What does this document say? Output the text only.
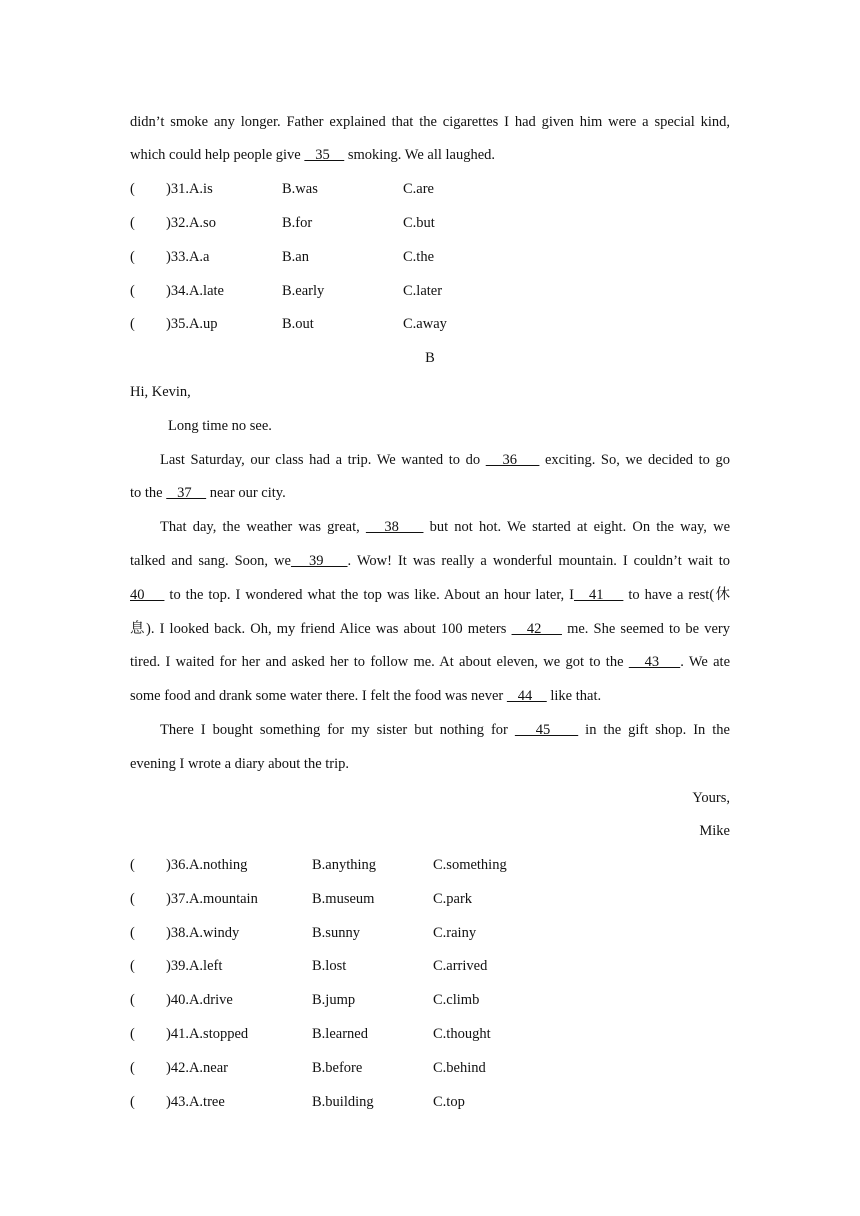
didn’t smoke any longer. Father explained that the cigarettes I had given him were a special kind,
which could help people give    35     smoking. We all laughed.
( )31.A.is	B.was	C.are
( )32.A.so	B.for	C.but
( )33.A.a	B.an	C.the
( )34.A.late	B.early	C.later
( )35.A.up	B.out	C.away
B
Hi, Kevin,
Long time no see.
Last Saturday, our class had a trip. We wanted to do    36     exciting. So, we decided to go
to the    37     near our city.
That day, the weather was great,    38     but not hot. We started at eight. On the way, we
talked and sang. Soon, we   39    . Wow! It was really a wonderful mountain. I couldn’t wait to
40     to the top. I wondered what the top was like. About an hour later, I   41     to have a rest(休
息). I looked back. Oh, my friend Alice was about 100 meters    42     me. She seemed to be very
tired. I waited for her and asked her to follow me. At about eleven, we got to the    43    . We ate
some food and drank some water there. I felt the food was never    44     like that.
There I bought something for my sister but nothing for    45     in the gift shop. In the
evening I wrote a diary about the trip.
Yours,
Mike
( )36.A.nothing	B.anything	C.something
( )37.A.mountain	B.museum	C.park
( )38.A.windy	B.sunny	C.rainy
( )39.A.left	B.lost	C.arrived
( )40.A.drive	B.jump	C.climb
( )41.A.stopped	B.learned	C.thought
( )42.A.near	B.before	C.behind
( )43.A.tree	B.building	C.top
